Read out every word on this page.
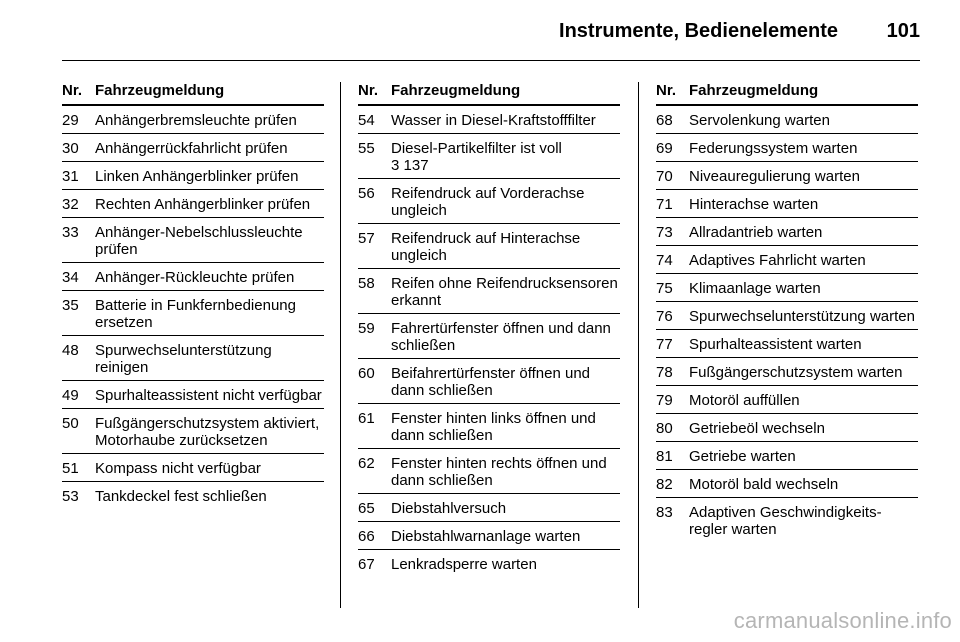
Instrumente, Bedienelemente 101
Nr. Fahrzeugmeldung
29	Anhängerbremsleuchte prüfen
30	Anhängerrückfahrlicht prüfen
31	Linken Anhängerblinker prüfen
32	Rechten Anhängerblinker prüfen
33	Anhänger-Nebelschlussleuchte prüfen
34	Anhänger-Rückleuchte prüfen
35	Batterie in Funkfernbedienung ersetzen
48	Spurwechselunterstützung reinigen
49	Spurhalteassistent nicht verfügbar
50	Fußgängerschutzsystem aktiviert, Motorhaube zurücksetzen
51	Kompass nicht verfügbar
53	Tankdeckel fest schließen
Nr. Fahrzeugmeldung
54	Wasser in Diesel-Kraftstofffilter
55	Diesel-Partikelfilter ist voll
3 137
56	Reifendruck auf Vorderachse ungleich
57	Reifendruck auf Hinterachse ungleich
58	Reifen ohne Reifendrucksensoren erkannt
59	Fahrertürfenster öffnen und dann schließen
60	Beifahrertürfenster öffnen und dann schließen
61	Fenster hinten links öffnen und dann schließen
62	Fenster hinten rechts öffnen und dann schließen
65	Diebstahlversuch
66	Diebstahlwarnanlage warten
67	Lenkradsperre warten
Nr. Fahrzeugmeldung
68	Servolenkung warten
69	Federungssystem warten
70	Niveauregulierung warten
71	Hinterachse warten
73	Allradantrieb warten
74	Adaptives Fahrlicht warten
75	Klimaanlage warten
76	Spurwechselunterstützung warten
77	Spurhalteassistent warten
78	Fußgängerschutzsystem warten
79	Motoröl auffüllen
80	Getriebeöl wechseln
81	Getriebe warten
82	Motoröl bald wechseln
83	Adaptiven Geschwindigkeits-regler warten
carmanualsonline.info
